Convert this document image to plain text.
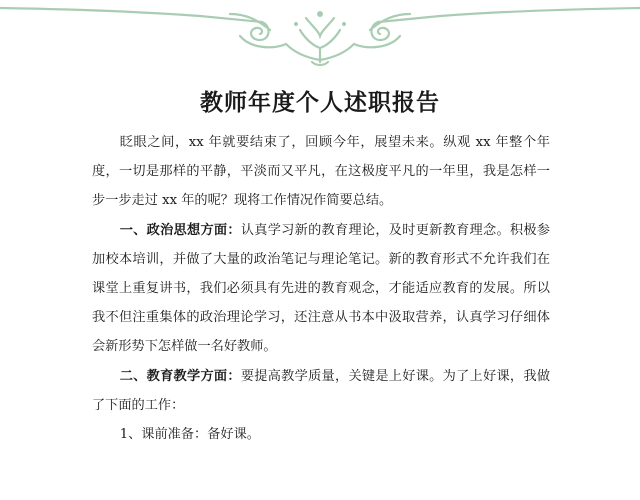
教师年度个人述职报告

眨眼之间，xx 年就要结束了，回顾今年，展望未来。纵观 xx 年整个年度，一切是那样的平静，平淡而又平凡，在这极度平凡的一年里，我是怎样一步一步走过 xx 年的呢？现将工作情况作简要总结。

一、政治思想方面：认真学习新的教育理论，及时更新教育理念。积极参加校本培训，并做了大量的政治笔记与理论笔记。新的教育形式不允许我们在课堂上重复讲书，我们必须具有先进的教育观念，才能适应教育的发展。所以我不但注重集体的政治理论学习，还注意从书本中汲取营养，认真学习仔细体会新形势下怎样做一名好教师。

二、教育教学方面：要提高教学质量，关键是上好课。为了上好课，我做了下面的工作：

1、课前准备：备好课。
